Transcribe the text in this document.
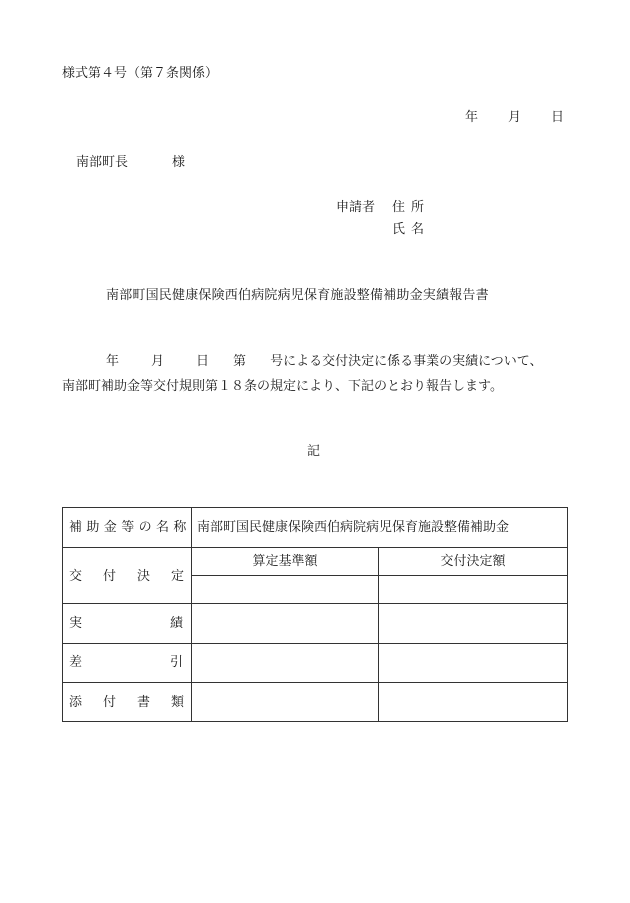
様式第４号（第７条関係）
年 月 日
南部町長	様
申請者 住所
氏名
南部町国民健康保険西伯病院病児保育施設整備補助金実績報告書
年 月 日 第 号による交付決定に係る事業の実績について、
南部町補助金等交付規則第１８条の規定により、下記のとおり報告します。
記
補助金等の名称 南部町国民健康保険西伯病院病児保育施設整備補助金
交付決定
算定基準額	交付決定額
実績
差引
添付書類
